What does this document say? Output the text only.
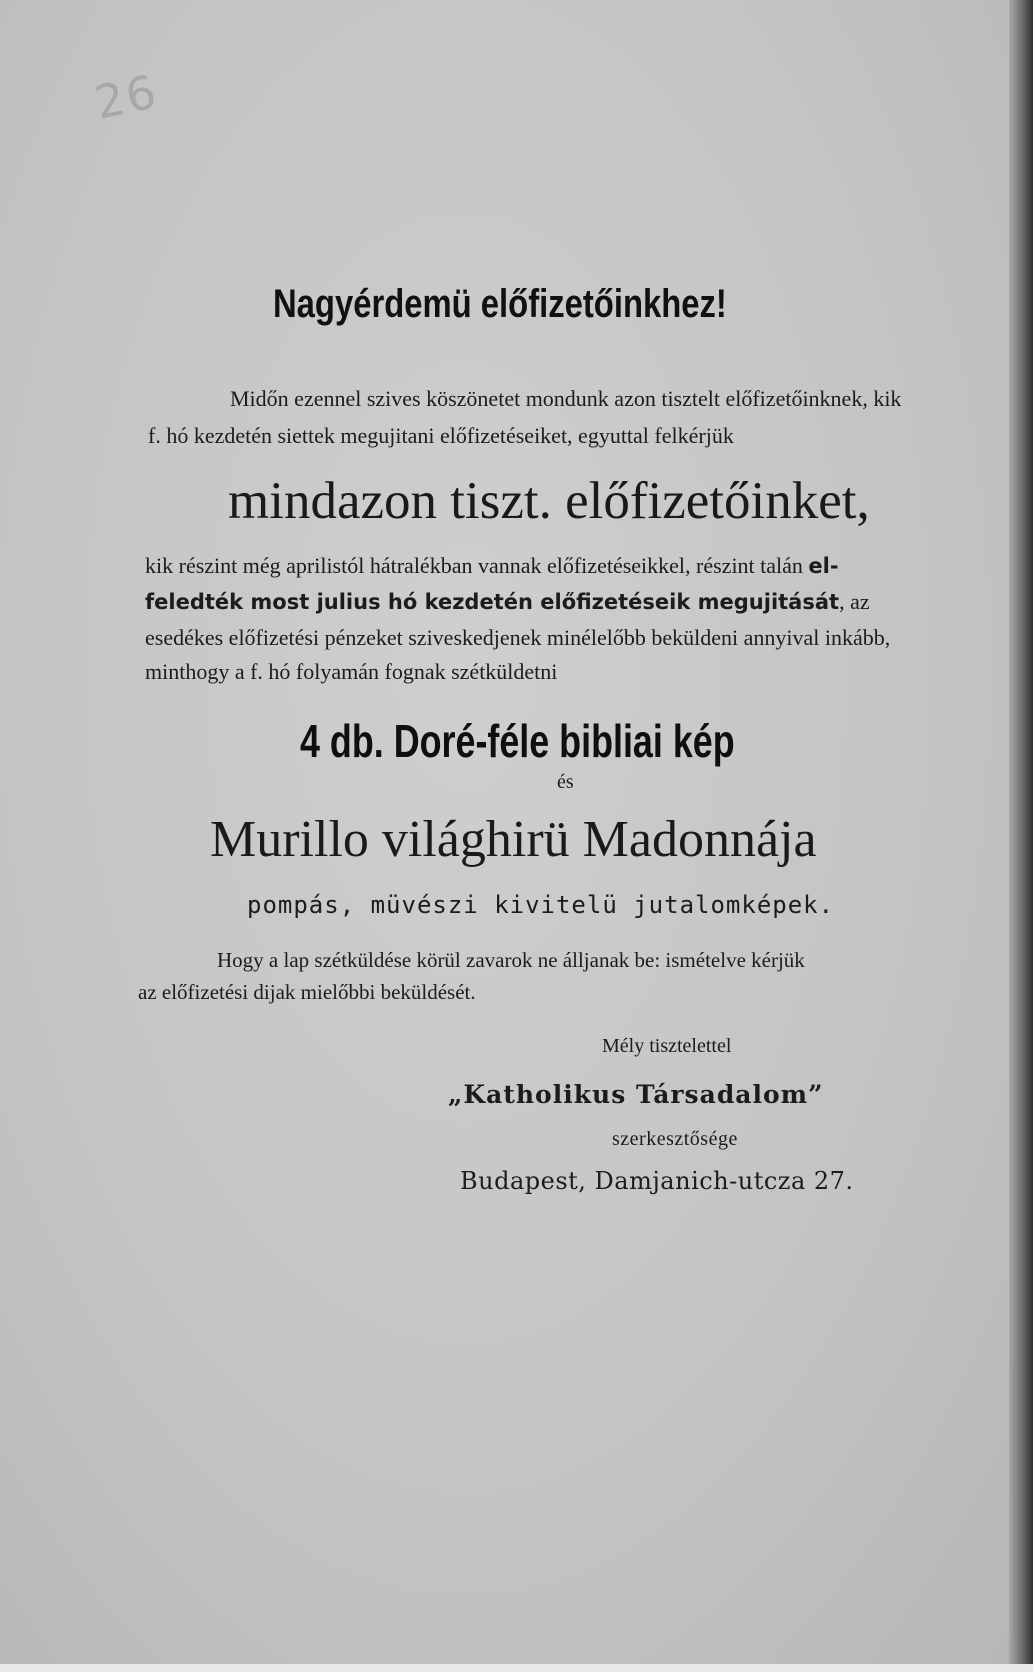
26
Nagyérdemü előfizetőinkhez!
Midőn ezennel szives köszönetet mondunk azon tisztelt előfizetőinknek, kik
f. hó kezdetén siettek megujitani előfizetéseiket, egyuttal felkérjük
mindazon tiszt. előfizetőinket,
kik részint még aprilistól hátralékban vannak előfizetéseikkel, részint talán el-
feledték most julius hó kezdetén előfizetéseik megujitását, az
esedékes előfizetési pénzeket sziveskedjenek minélelőbb beküldeni annyival inkább,
minthogy a f. hó folyamán fognak szétküldetni
4 db. Doré-féle bibliai kép
és
Murillo világhirü Madonnája
pompás, müvészi kivitelü jutalomképek.
Hogy a lap szétküldése körül zavarok ne álljanak be: ismételve kérjük
az előfizetési dijak mielőbbi beküldését.
Mély tisztelettel
„Katholikus Társadalom”
szerkesztősége
Budapest, Damjanich-utcza 27.
